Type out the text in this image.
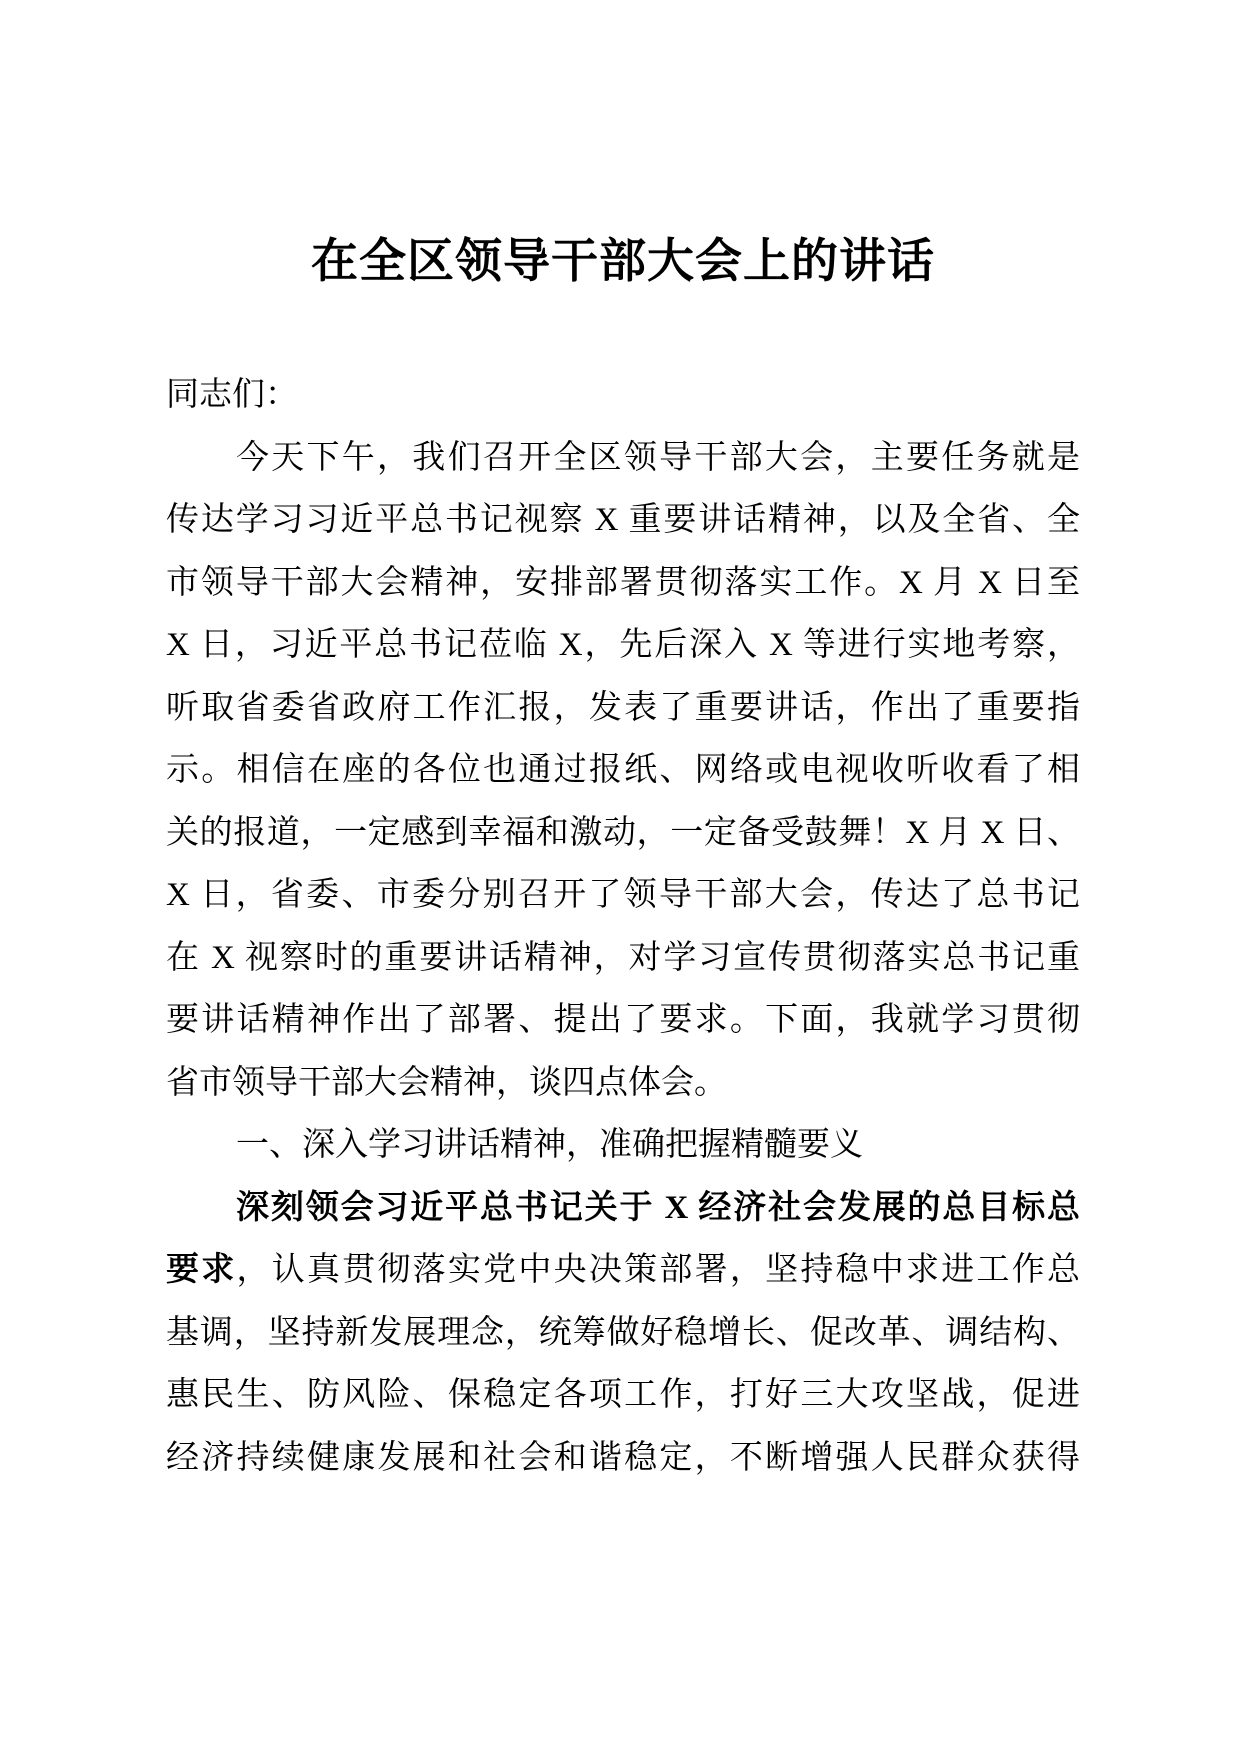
在全区领导干部大会上的讲话
同志们：
今天下午，我们召开全区领导干部大会，主要任务就是
传达学习习近平总书记视察 X 重要讲话精神，以及全省、全
市领导干部大会精神，安排部署贯彻落实工作。X 月 X 日至
X 日，习近平总书记莅临 X，先后深入 X 等进行实地考察，
听取省委省政府工作汇报，发表了重要讲话，作出了重要指
示。相信在座的各位也通过报纸、网络或电视收听收看了相
关的报道，一定感到幸福和激动，一定备受鼓舞！X 月 X 日、
X 日，省委、市委分别召开了领导干部大会，传达了总书记
在 X 视察时的重要讲话精神，对学习宣传贯彻落实总书记重
要讲话精神作出了部署、提出了要求。下面，我就学习贯彻
省市领导干部大会精神，谈四点体会。
一、深入学习讲话精神，准确把握精髓要义
深刻领会习近平总书记关于 X 经济社会发展的总目标总
要求，认真贯彻落实党中央决策部署，坚持稳中求进工作总
基调，坚持新发展理念，统筹做好稳增长、促改革、调结构、
惠民生、防风险、保稳定各项工作，打好三大攻坚战，促进
经济持续健康发展和社会和谐稳定，不断增强人民群众获得
